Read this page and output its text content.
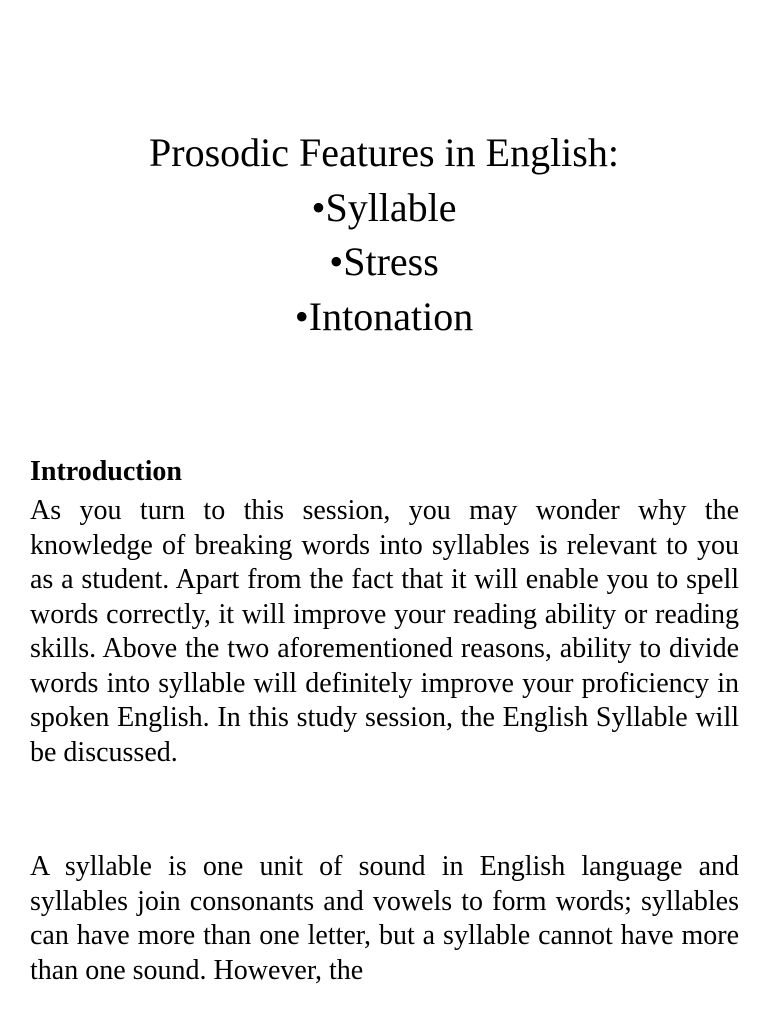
Prosodic Features in English:
•Syllable
•Stress
•Intonation
Introduction

As you turn to this session, you may wonder why the knowledge of breaking words into syllables is relevant to you as a student. Apart from the fact that it will enable you to spell words correctly, it will improve your reading ability or reading skills. Above the two aforementioned reasons, ability to divide words into syllable will definitely improve your proficiency in spoken English. In this study session, the English Syllable will be discussed.

A syllable is one unit of sound in English language and syllables join consonants and vowels to form words; syllables can have more than one letter, but a syllable cannot have more than one sound. However, the
